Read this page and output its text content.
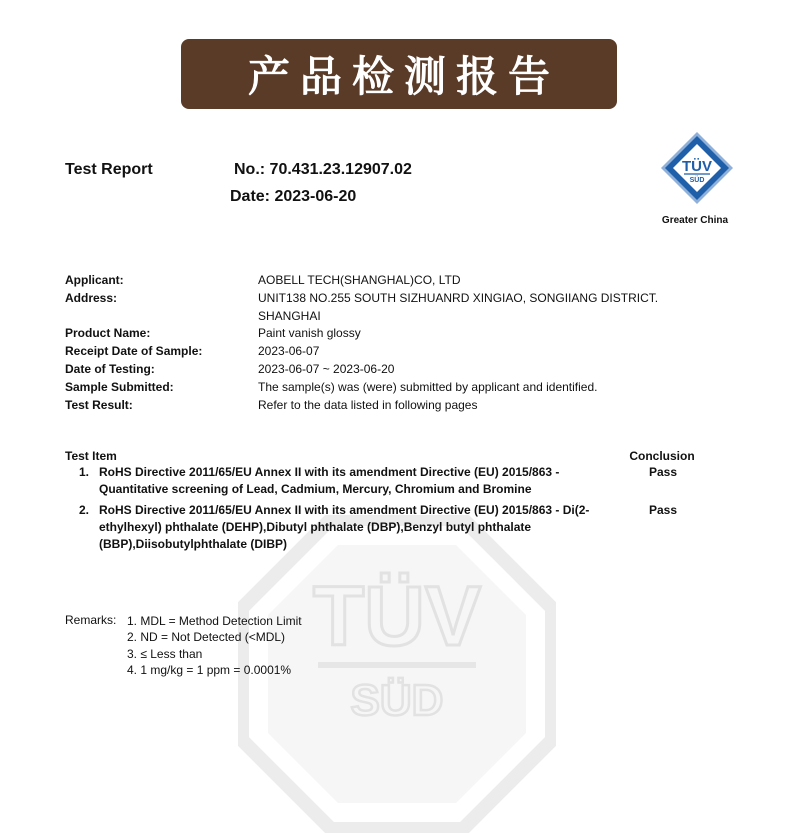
产品检测报告
TÜV
SÜD
Test Report	No.: 70.431.23.12907.02
Date: 2023-06-20
TÜV
SÜD
Greater China
Applicant:	AOBELL TECH(SHANGHAL)CO, LTD
Address:	UNIT138 NO.255 SOUTH SIZHUANRD XINGIAO, SONGIIANG DISTRICT.
SHANGHAI
Product Name:	Paint vanish glossy
Receipt Date of Sample:	2023-06-07
Date of Testing:	2023-06-07 ~ 2023-06-20
Sample Submitted:	The sample(s) was (were) submitted by applicant and identified.
Test Result:	Refer to the data listed in following pages
Test Item	Conclusion
1. RoHS Directive 2011/65/EU Annex II with its amendment Directive (EU) 2015/863 -
Quantitative screening of Lead, Cadmium, Mercury, Chromium and Bromine
Pass
2. RoHS Directive 2011/65/EU Annex II with its amendment Directive (EU) 2015/863 - Di(2-
ethylhexyl) phthalate (DEHP),Dibutyl phthalate (DBP),Benzyl butyl phthalate
(BBP),Diisobutylphthalate (DIBP)
Pass
Remarks: 1. MDL = Method Detection Limit
2. ND = Not Detected (<MDL)
3. ≤ Less than
4. 1 mg/kg = 1 ppm = 0.0001%
